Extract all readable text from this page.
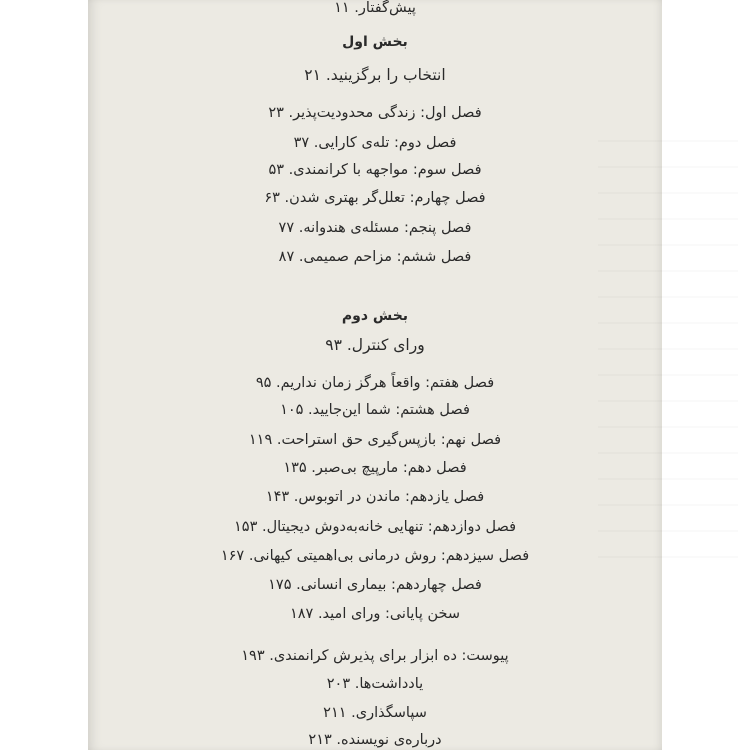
پیش‌گفتار. ۱۱
بخش اول
انتخاب را برگزینید. ۲۱
فصل اول: زندگی محدودیت‌پذیر. ۲۳
فصل دوم: تله‌ی کارایی. ۳۷
فصل سوم: مواجهه با کرانمندی. ۵۳
فصل چهارم: تعلل‌گر بهتری شدن. ۶۳
فصل پنجم: مسئله‌ی هندوانه. ۷۷
فصل ششم: مزاحم صمیمی. ۸۷
بخش دوم
ورای کنترل. ۹۳
فصل هفتم: واقعاً هرگز زمان نداریم. ۹۵
فصل هشتم: شما این‌جایید. ۱۰۵
فصل نهم: بازپس‌گیری حق استراحت. ۱۱۹
فصل دهم: مارپیچ بی‌صبر. ۱۳۵
فصل یازدهم: ماندن در اتوبوس. ۱۴۳
فصل دوازدهم: تنهایی خانه‌به‌دوش دیجیتال. ۱۵۳
فصل سیزدهم: روش درمانی بی‌اهمیتی کیهانی. ۱۶۷
فصل چهاردهم: بیماری انسانی. ۱۷۵
سخن پایانی: ورای امید. ۱۸۷
پیوست: ده ابزار برای پذیرش کرانمندی. ۱۹۳
یادداشت‌ها. ۲۰۳
سپاسگذاری. ۲۱۱
درباره‌ی نویسنده. ۲۱۳
